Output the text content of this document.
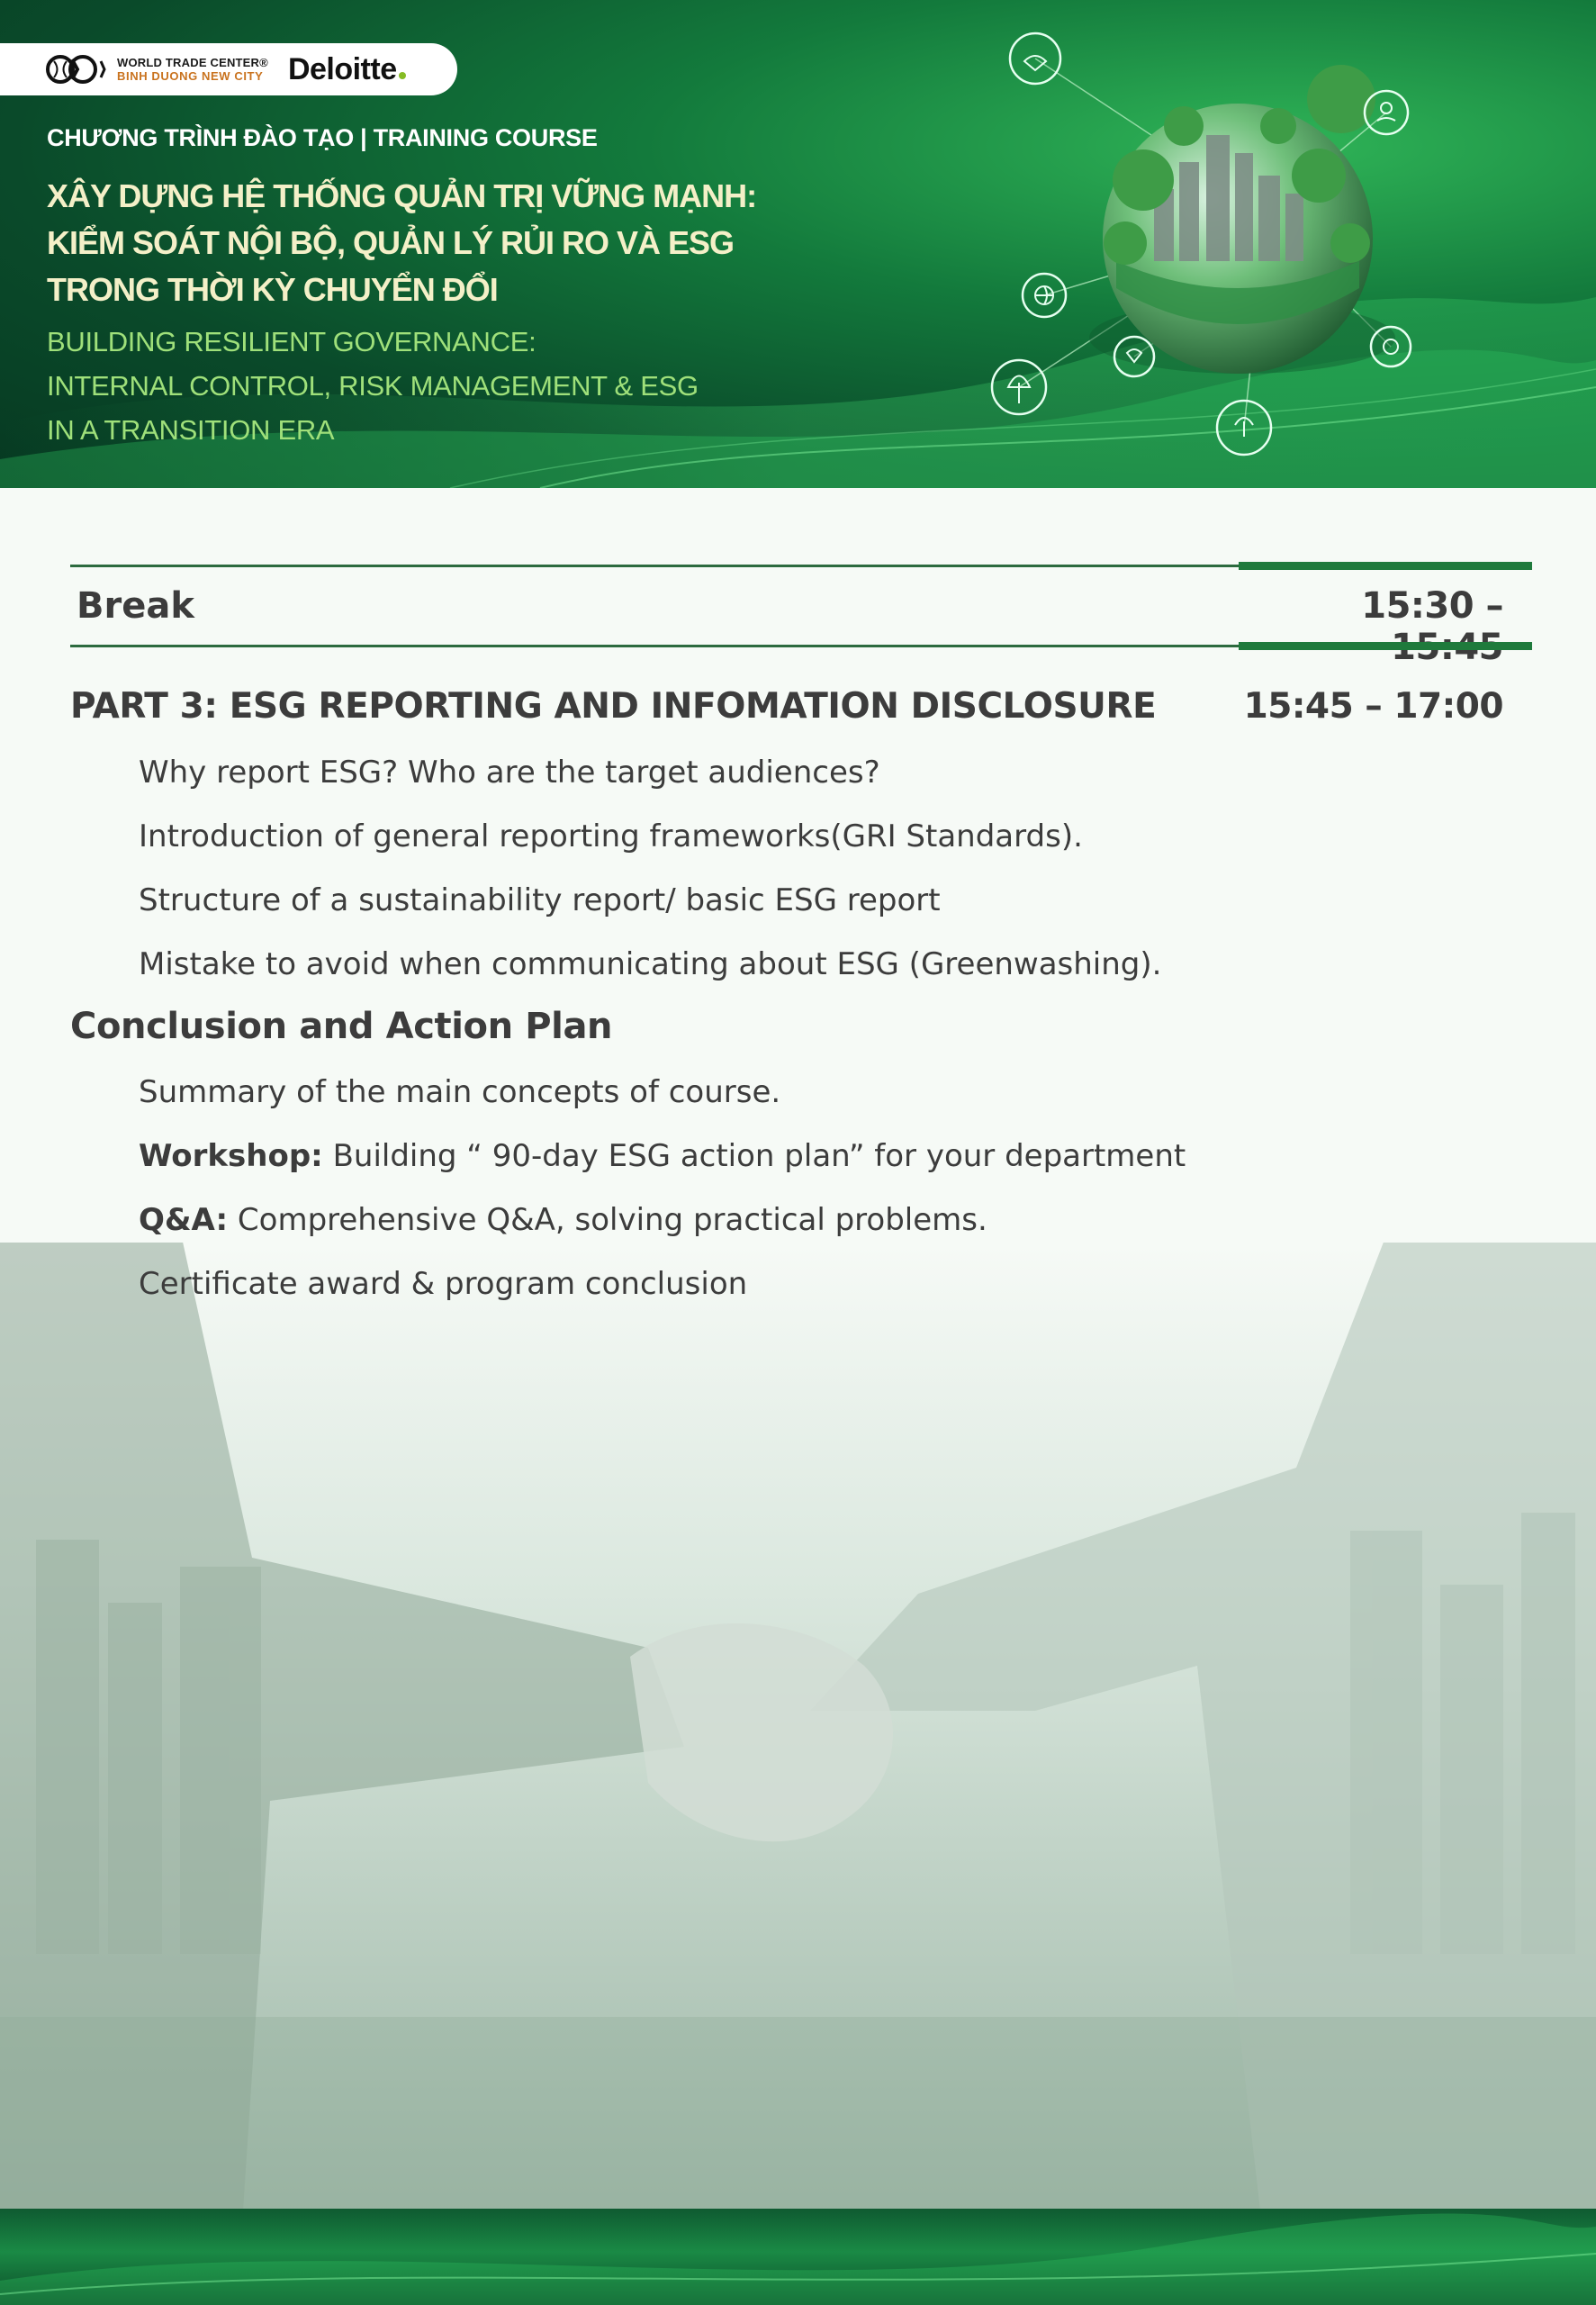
WORLD TRADE CENTER®
BINH DUONG NEW CITY Deloitte
CHƯƠNG TRÌNH ĐÀO TẠO | TRAINING COURSE
XÂY DỰNG HỆ THỐNG QUẢN TRỊ VỮNG MẠNH:
KIỂM SOÁT NỘI BỘ, QUẢN LÝ RỦI RO VÀ ESG
TRONG THỜI KỲ CHUYỂN ĐỔI
BUILDING RESILIENT GOVERNANCE:
INTERNAL CONTROL, RISK MANAGEMENT & ESG
IN A TRANSITION ERA
Break	15:30 –
PART 3: ESG REPORTING AND INFOMATION DISCLOSURE 15:45 – 17:00
Why report ESG? Who are the target audiences?
Introduction of general reporting frameworks(GRI Standards).
Structure of a sustainability report/ basic ESG report
Mistake to avoid when communicating about ESG (Greenwashing).
Conclusion and Action Plan
Summary of the main concepts of course.
Workshop: Building “ 90-day ESG action plan” for your department
Q&A: Comprehensive Q&A, solving practical problems.
Certificate award & program conclusion
